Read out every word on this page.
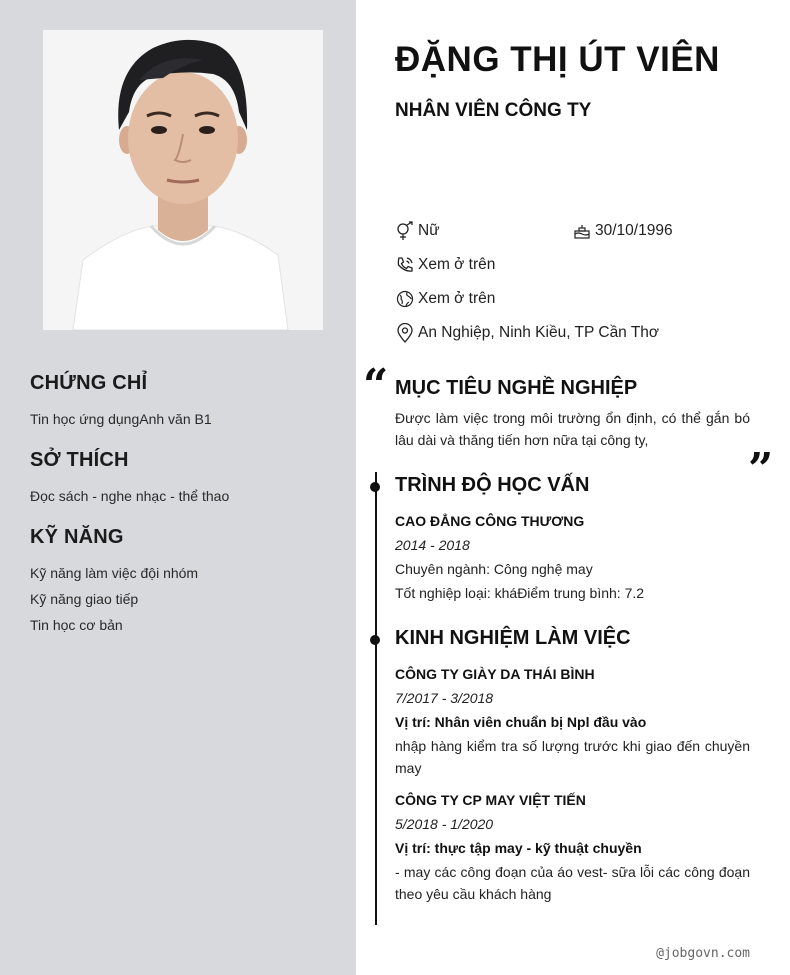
CHỨNG CHỈ
Tin học ứng dụngAnh văn B1
SỞ THÍCH
Đọc sách - nghe nhạc - thể thao
KỸ NĂNG
Kỹ năng làm việc đội nhóm
Kỹ năng giao tiếp
Tin học cơ bản
ĐẶNG THỊ ÚT VIÊN
NHÂN VIÊN CÔNG TY
Nữ	30/10/1996
Xem ở trên
Xem ở trên
An Nghiệp, Ninh Kiều, TP Cần Thơ
“ MỤC TIÊU NGHỀ NGHIỆP
Được làm việc trong môi trường ổn định, có thể gắn bó lâu dài và thăng tiến hơn nữa tại công ty,
”
TRÌNH ĐỘ HỌC VẤN
CAO ĐẲNG CÔNG THƯƠNG
2014 - 2018
Chuyên ngành: Công nghệ may
Tốt nghiệp loại: kháĐiểm trung bình: 7.2
KINH NGHIỆM LÀM VIỆC
CÔNG TY GIÀY DA THÁI BÌNH
7/2017 - 3/2018
Vị trí: Nhân viên chuẩn bị Npl đầu vào
nhập hàng kiểm tra số lượng trước khi giao đến chuyền may
CÔNG TY CP MAY VIỆT TIẾN
5/2018 - 1/2020
Vị trí: thực tập may - kỹ thuật chuyền
- may các công đoạn của áo vest- sữa lỗi các công đoạn theo yêu cầu khách hàng
@jobgovn.com
